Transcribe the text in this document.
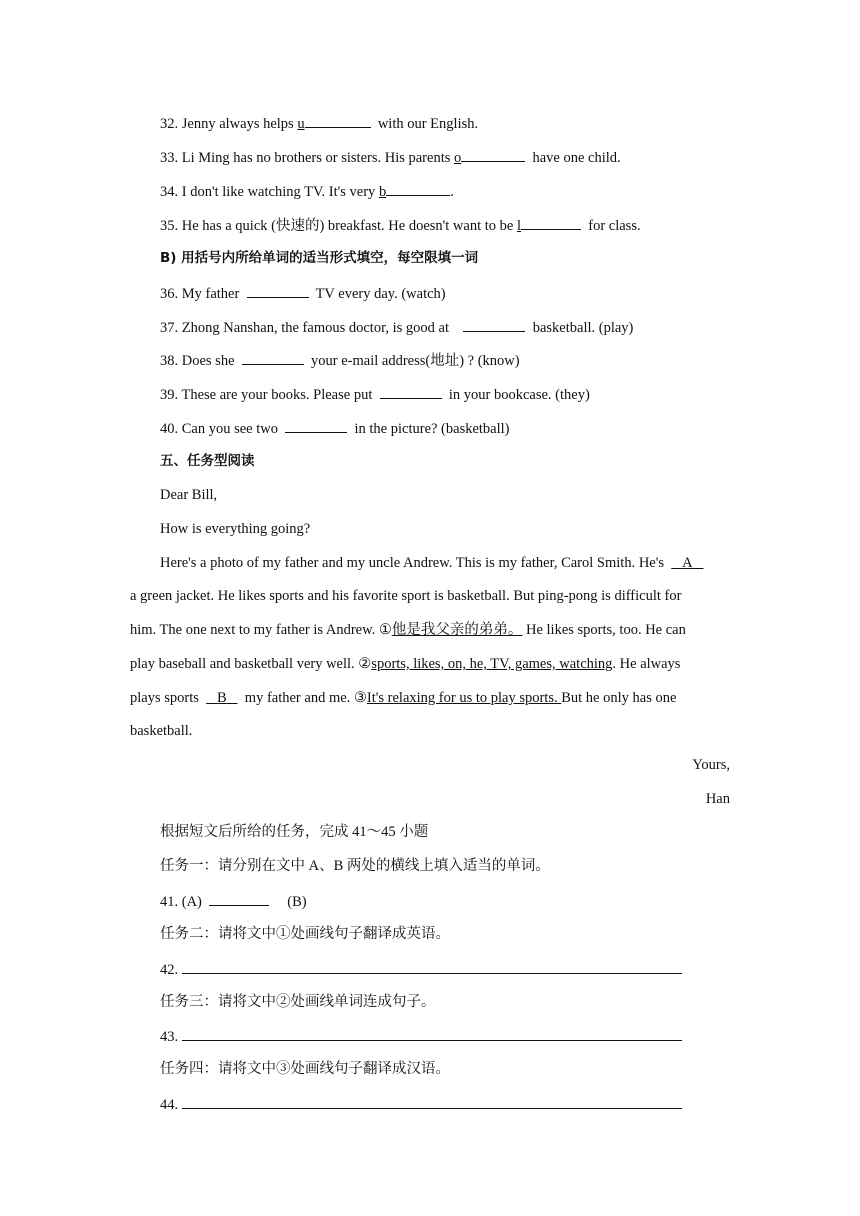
32. Jenny always helps u	with our English.
33. Li Ming has no brothers or sisters. His parents o	have one child.
34. I don't like watching TV. It's very b	.
35. He has a quick (快速的) breakfast. He doesn't want to be l	for class.
B) 用括号内所给单词的适当形式填空，每空限填一词
36. My father	TV every day. (watch)
37. Zhong Nanshan, the famous doctor, is good at	basketball. (play)
38. Does she	your e-mail address(地址) ? (know)
39. These are your books. Please put	in your bookcase. (they)
40. Can you see two	in the picture? (basketball)
五、任务型阅读
Dear Bill,
How is everything going?
Here's a photo of my father and my uncle Andrew. This is my father, Carol Smith. He's     A
a green jacket. He likes sports and his favorite sport is basketball. But ping-pong is difficult for
him. The one next to my father is Andrew. ①他是我父亲的弟弟。 He likes sports, too. He can
play baseball and basketball very well. ②sports, likes, on, he, TV, games, watching. He always
plays sports     B     my father and me. ③It's relaxing for us to play sports. But he only has one
basketball.
Yours,
Han
根据短文后所给的任务，完成 41～45 小题
任务一：请分别在文中 A、B 两处的横线上填入适当的单词。
41. (A)	(B)
任务二：请将文中①处画线句子翻译成英语。
42.
任务三：请将文中②处画线单词连成句子。
43.
任务四：请将文中③处画线句子翻译成汉语。
44.
